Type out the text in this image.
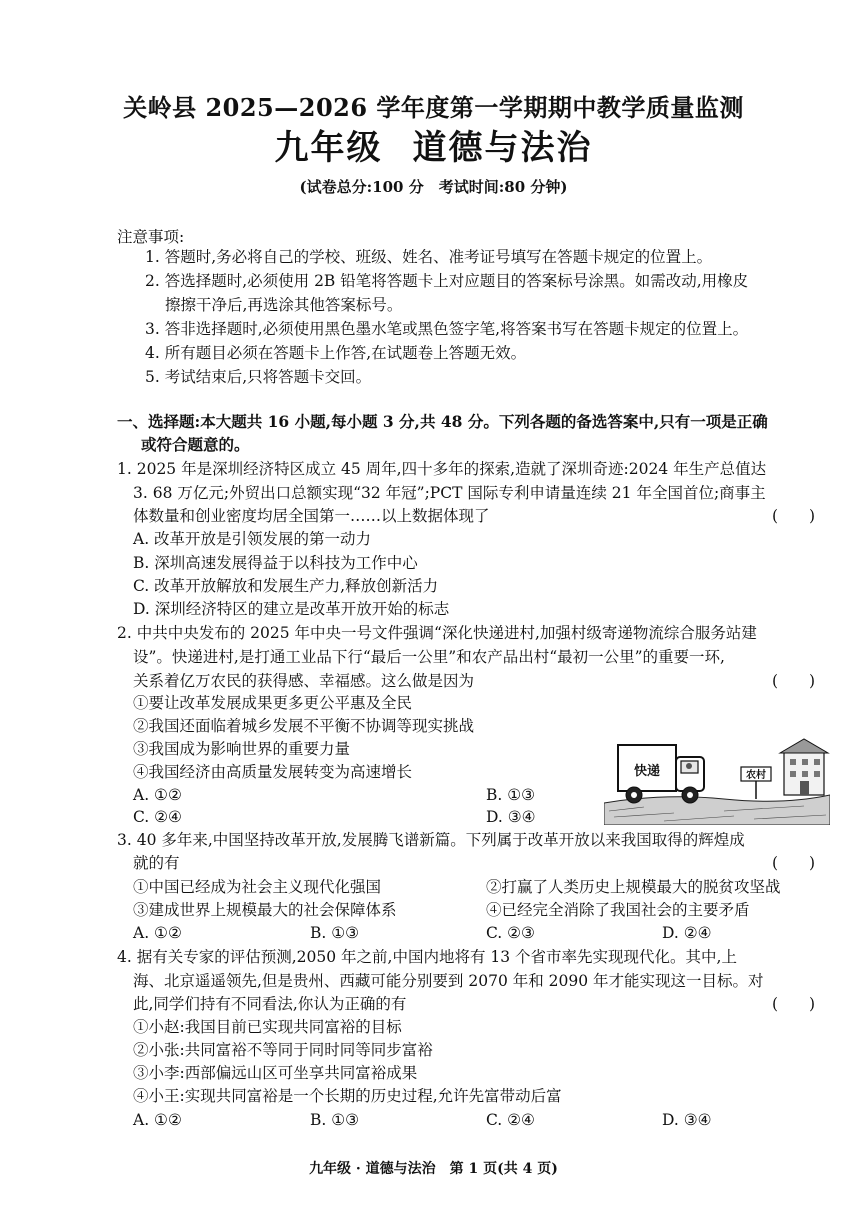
关岭县 2025—2026 学年度第一学期期中教学质量监测
九年级 道德与法治
(试卷总分:100 分　考试时间:80 分钟)
注意事项:
1. 答题时,务必将自己的学校、班级、姓名、准考证号填写在答题卡规定的位置上。
2. 答选择题时,必须使用 2B 铅笔将答题卡上对应题目的答案标号涂黑。如需改动,用橡皮
擦擦干净后,再选涂其他答案标号。
3. 答非选择题时,必须使用黑色墨水笔或黑色签字笔,将答案书写在答题卡规定的位置上。
4. 所有题目必须在答题卡上作答,在试题卷上答题无效。
5. 考试结束后,只将答题卡交回。
一、选择题:本大题共 16 小题,每小题 3 分,共 48 分。下列各题的备选答案中,只有一项是正确
或符合题意的。
1. 2025 年是深圳经济特区成立 45 周年,四十多年的探索,造就了深圳奇迹:2024 年生产总值达
3. 68 万亿元;外贸出口总额实现“32 年冠”;PCT 国际专利申请量连续 21 年全国首位;商事主
体数量和创业密度均居全国第一……以上数据体现了	(　　)
A. 改革开放是引领发展的第一动力
B. 深圳高速发展得益于以科技为工作中心
C. 改革开放解放和发展生产力,释放创新活力
D. 深圳经济特区的建立是改革开放开始的标志
2. 中共中央发布的 2025 年中央一号文件强调“深化快递进村,加强村级寄递物流综合服务站建
设”。快递进村,是打通工业品下行“最后一公里”和农产品出村“最初一公里”的重要一环,
关系着亿万农民的获得感、幸福感。这么做是因为	(　　)
①要让改革发展成果更多更公平惠及全民
②我国还面临着城乡发展不平衡不协调等现实挑战
③我国成为影响世界的重要力量
④我国经济由高质量发展转变为高速增长
A. ①②	B. ①③
C. ②④	D. ③④
快递	农村
3. 40 多年来,中国坚持改革开放,发展腾飞谱新篇。下列属于改革开放以来我国取得的辉煌成
就的有	(　　)
①中国已经成为社会主义现代化强国	②打赢了人类历史上规模最大的脱贫攻坚战
③建成世界上规模最大的社会保障体系	④已经完全消除了我国社会的主要矛盾
A. ①②	B. ①③	C. ②③	D. ②④
4. 据有关专家的评估预测,2050 年之前,中国内地将有 13 个省市率先实现现代化。其中,上
海、北京遥遥领先,但是贵州、西藏可能分别要到 2070 年和 2090 年才能实现这一目标。对
此,同学们持有不同看法,你认为正确的有	(　　)
①小赵:我国目前已实现共同富裕的目标
②小张:共同富裕不等同于同时同等同步富裕
③小李:西部偏远山区可坐享共同富裕成果
④小王:实现共同富裕是一个长期的历史过程,允许先富带动后富
A. ①②	B. ①③	C. ②④	D. ③④
九年级 · 道德与法治　第 1 页(共 4 页)
